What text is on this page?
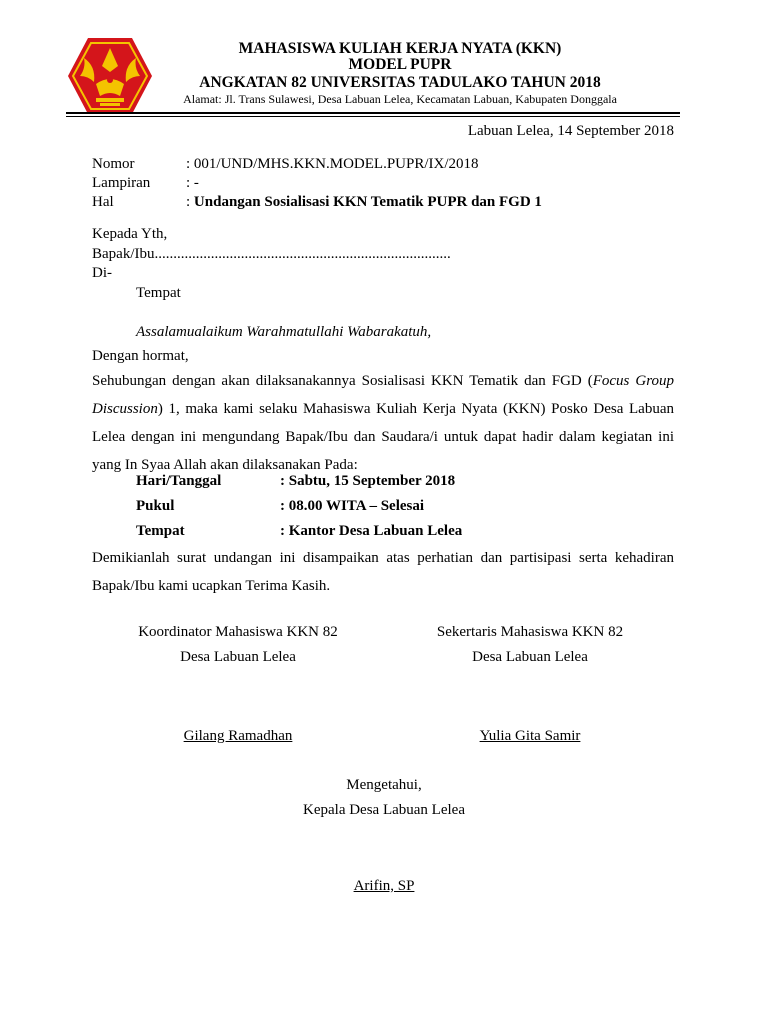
MAHASISWA KULIAH KERJA NYATA (KKN)
MODEL PUPR
ANGKATAN 82 UNIVERSITAS TADULAKO TAHUN 2018
Alamat: Jl. Trans Sulawesi, Desa Labuan Lelea, Kecamatan Labuan, Kabupaten Donggala
Labuan Lelea, 14 September 2018
Nomor	: 001/UND/MHS.KKN.MODEL.PUPR/IX/2018
Lampiran : -
Hal	: Undangan Sosialisasi KKN Tematik PUPR dan FGD 1
Kepada Yth,
Bapak/Ibu...............................................................................
Di-
Tempat
Assalamualaikum Warahmatullahi Wabarakatuh,
Dengan hormat,
Sehubungan dengan akan dilaksanakannya Sosialisasi KKN Tematik dan FGD (Focus Group Discussion) 1, maka kami selaku Mahasiswa Kuliah Kerja Nyata (KKN) Posko Desa Labuan Lelea dengan ini mengundang Bapak/Ibu dan Saudara/i untuk dapat hadir dalam kegiatan ini yang In Syaa Allah akan dilaksanakan Pada:
Hari/Tanggal	: Sabtu, 15 September 2018
Pukul	: 08.00 WITA – Selesai
Tempat	: Kantor Desa Labuan Lelea
Demikianlah surat undangan ini disampaikan atas perhatian dan partisipasi serta kehadiran Bapak/Ibu kami ucapkan Terima Kasih.
Koordinator Mahasiswa KKN 82
Desa Labuan Lelea
Gilang Ramadhan
Sekertaris Mahasiswa KKN 82
Desa Labuan Lelea
Yulia Gita Samir
Mengetahui,
Kepala Desa Labuan Lelea
Arifin, SP
